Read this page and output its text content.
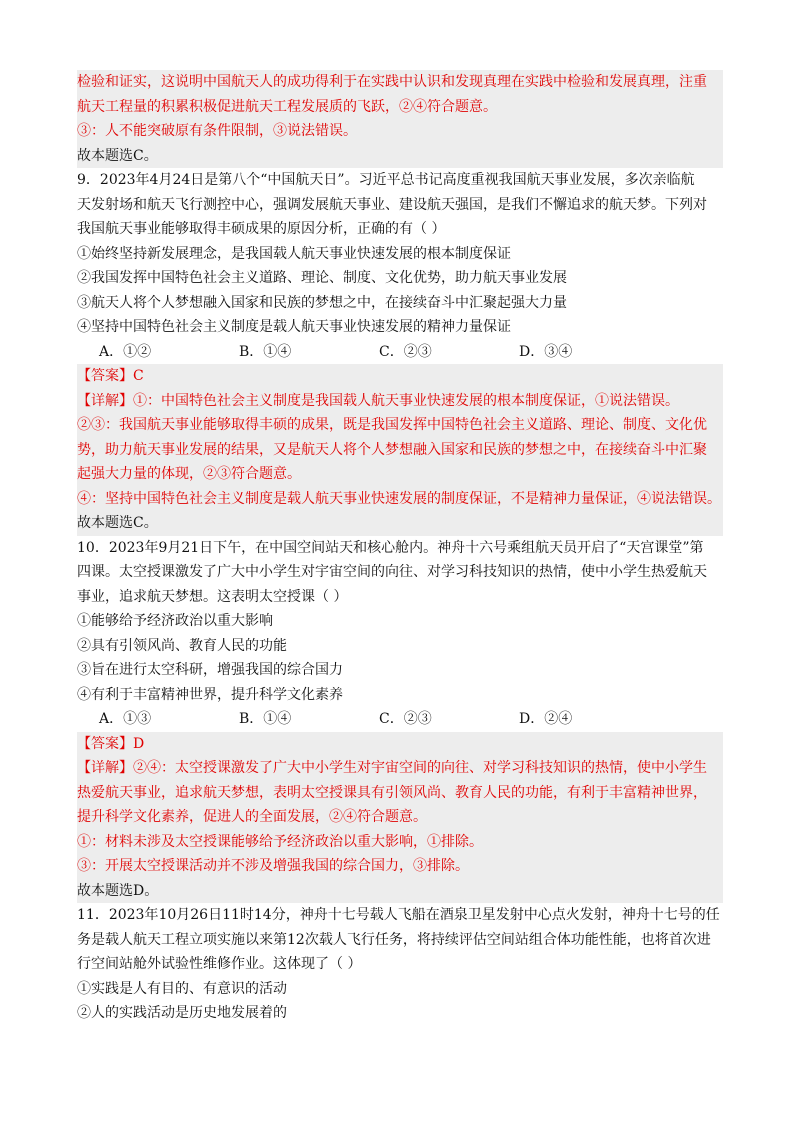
检验和证实，这说明中国航天人的成功得利于在实践中认识和发现真理在实践中检验和发展真理，注重
航天工程量的积累积极促进航天工程发展质的飞跃，②④符合题意。
③：人不能突破原有条件限制，③说法错误。
故本题选C。
9．2023年4月24日是第八个“中国航天日”。习近平总书记高度重视我国航天事业发展，多次亲临航
天发射场和航天飞行测控中心，强调发展航天事业、建设航天强国，是我们不懈追求的航天梦。下列对
我国航天事业能够取得丰硕成果的原因分析，正确的有（ ）
①始终坚持新发展理念，是我国载人航天事业快速发展的根本制度保证
②我国发挥中国特色社会主义道路、理论、制度、文化优势，助力航天事业发展
③航天人将个人梦想融入国家和民族的梦想之中，在接续奋斗中汇聚起强大力量
④坚持中国特色社会主义制度是载人航天事业快速发展的精神力量保证
A．①②	B．①④	C．②③	D．③④
【答案】C
【详解】①：中国特色社会主义制度是我国载人航天事业快速发展的根本制度保证，①说法错误。
②③：我国航天事业能够取得丰硕的成果，既是我国发挥中国特色社会主义道路、理论、制度、文化优
势，助力航天事业发展的结果，又是航天人将个人梦想融入国家和民族的梦想之中，在接续奋斗中汇聚
起强大力量的体现，②③符合题意。
④：坚持中国特色社会主义制度是载人航天事业快速发展的制度保证，不是精神力量保证，④说法错误。
故本题选C。
10．2023年9月21日下午，在中国空间站天和核心舱内。神舟十六号乘组航天员开启了“天宫课堂”第
四课。太空授课激发了广大中小学生对宇宙空间的向往、对学习科技知识的热情，使中小学生热爱航天
事业，追求航天梦想。这表明太空授课（ ）
①能够给予经济政治以重大影响
②具有引领风尚、教育人民的功能
③旨在进行太空科研，增强我国的综合国力
④有利于丰富精神世界，提升科学文化素养
A．①③	B．①④	C．②③	D．②④
【答案】D
【详解】②④：太空授课激发了广大中小学生对宇宙空间的向往、对学习科技知识的热情，使中小学生
热爱航天事业，追求航天梦想，表明太空授课具有引领风尚、教育人民的功能，有利于丰富精神世界，
提升科学文化素养，促进人的全面发展，②④符合题意。
①：材料未涉及太空授课能够给予经济政治以重大影响，①排除。
③：开展太空授课活动并不涉及增强我国的综合国力，③排除。
故本题选D。
11．2023年10月26日11时14分，神舟十七号载人飞船在酒泉卫星发射中心点火发射，神舟十七号的任
务是载人航天工程立项实施以来第12次载人飞行任务，将持续评估空间站组合体功能性能，也将首次进
行空间站舱外试验性维修作业。这体现了（ ）
①实践是人有目的、有意识的活动
②人的实践活动是历史地发展着的
